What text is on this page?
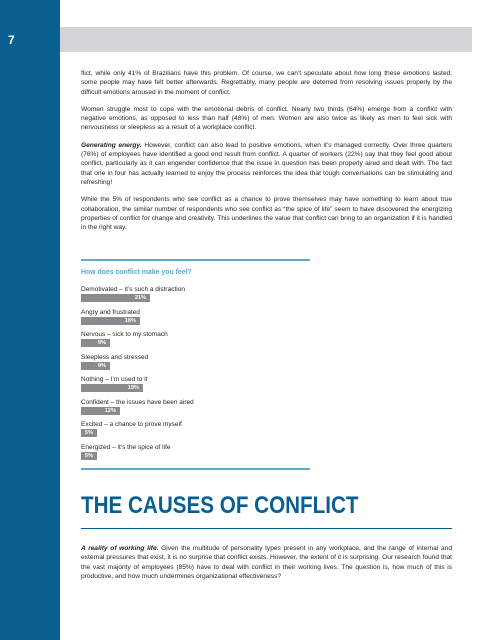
7

flict, while only 41% of Brazilians have this problem. Of course, we can’t speculate about how long these emotions lasted; some people may have felt better afterwards. Regrettably, many people are deterred from resolving issues properly by the difficult emotions aroused in the moment of conflict.

Women struggle most to cope with the emotional debris of conflict. Nearly two thirds (64%) emerge from a conflict with negative emotions, as opposed to less than half (48%) of men. Women are also twice as likely as men to feel sick with nervousness or sleepless as a result of a workplace conflict.

Generating energy. However, conflict can also lead to positive emotions, when it’s managed correctly. Over three quarters (76%) of employees have identified a good end result from conflict. A quarter of workers (22%) say that they feel good about conflict, particularly as it can engender confidence that the issue in question has been properly aired and dealt with. The fact that one in four has actually learned to enjoy the process reinforces the idea that tough conversations can be stimulating and refreshing!

While the 5% of respondents who see conflict as a chance to prove themselves may have something to learn about true collaboration, the similar number of respondents who see conflict as “the spice of life” seem to have discovered the energizing properties of conflict for change and creativity. This underlines the value that conflict can bring to an organization if it is handled in the right way.

How does conflict make you feel?
Demotivated – it’s such a distraction
21%
Angry and frustrated
18%
Nervous – sick to my stomach
9%
Sleepless and stressed
9%
Nothing – I’m used to it
19%
Confident – the issues have been aired
12%
Excited – a chance to prove myself
5%
Energized – it’s the spice of life
5%
THE CAUSES OF CONFLICT

A reality of working life. Given the multitude of personality types present in any workplace, and the range of internal and external pressures that exist, it is no surprise that conflict exists. However, the extent of it is surprising. Our research found that the vast majority of employees (85%) have to deal with conflict in their working lives. The question is, how much of this is productive, and how much undermines organizational effectiveness?
